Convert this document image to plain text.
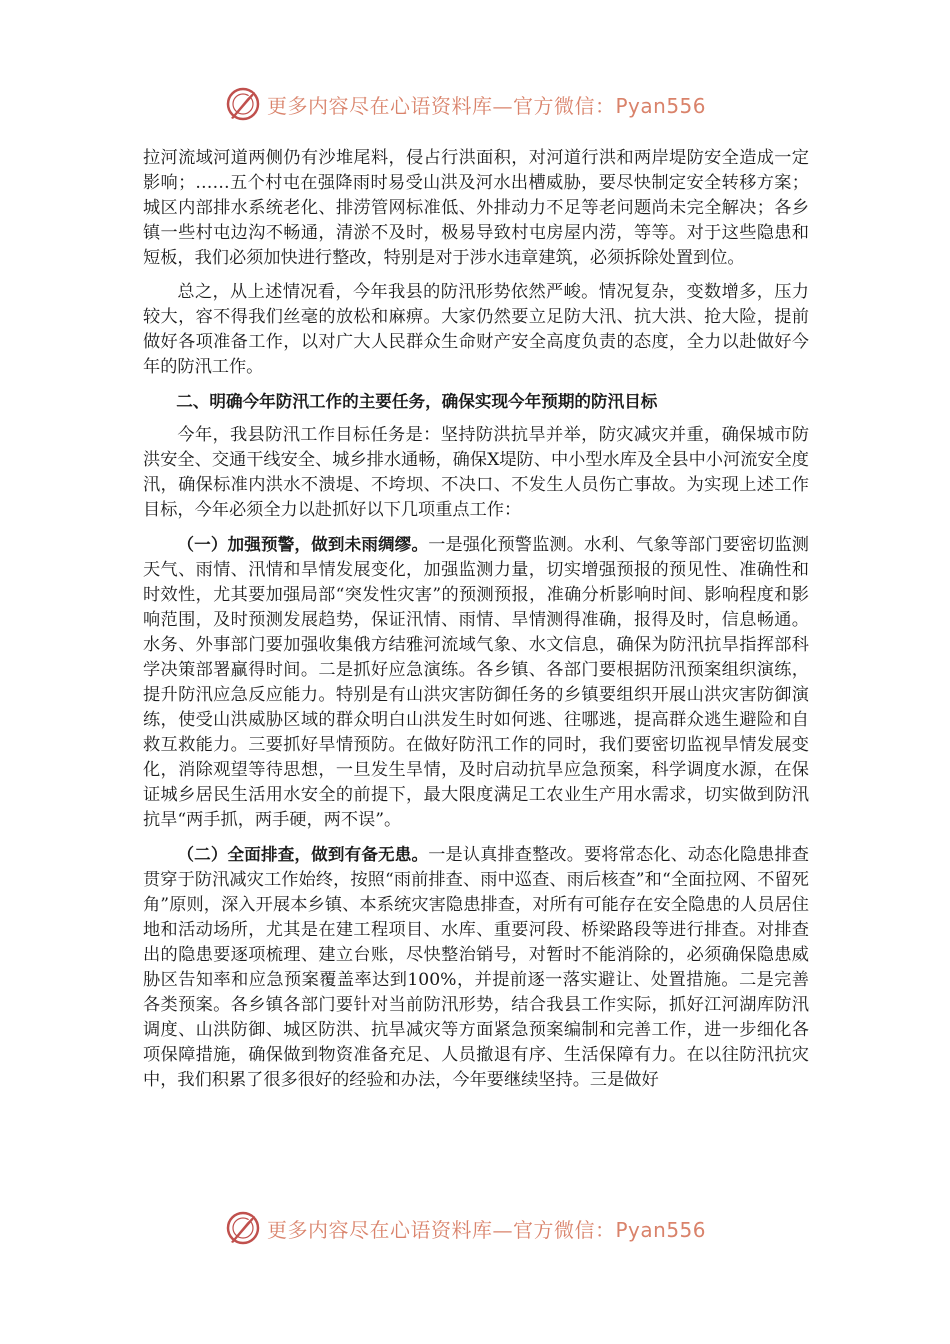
更多内容尽在心语资料库—官方微信：Pyan556

拉河流域河道两侧仍有沙堆尾料，侵占行洪面积，对河道行洪和两岸堤防安全造成一定影响；……五个村屯在强降雨时易受山洪及河水出槽威胁，要尽快制定安全转移方案；城区内部排水系统老化、排涝管网标准低、外排动力不足等老问题尚未完全解决；各乡镇一些村屯边沟不畅通，清淤不及时，极易导致村屯房屋内涝，等等。对于这些隐患和短板，我们必须加快进行整改，特别是对于涉水违章建筑，必须拆除处置到位。

总之，从上述情况看，今年我县的防汛形势依然严峻。情况复杂，变数增多，压力较大，容不得我们丝毫的放松和麻痹。大家仍然要立足防大汛、抗大洪、抢大险，提前做好各项准备工作，以对广大人民群众生命财产安全高度负责的态度，全力以赴做好今年的防汛工作。

二、明确今年防汛工作的主要任务，确保实现今年预期的防汛目标

今年，我县防汛工作目标任务是：坚持防洪抗旱并举，防灾减灾并重，确保城市防洪安全、交通干线安全、城乡排水通畅，确保X堤防、中小型水库及全县中小河流安全度汛，确保标准内洪水不溃堤、不垮坝、不决口、不发生人员伤亡事故。为实现上述工作目标，今年必须全力以赴抓好以下几项重点工作：

（一）加强预警，做到未雨绸缪。一是强化预警监测。水利、气象等部门要密切监测天气、雨情、汛情和旱情发展变化，加强监测力量，切实增强预报的预见性、准确性和时效性，尤其要加强局部“突发性灾害”的预测预报，准确分析影响时间、影响程度和影响范围，及时预测发展趋势，保证汛情、雨情、旱情测得准确，报得及时，信息畅通。水务、外事部门要加强收集俄方结雅河流域气象、水文信息，确保为防汛抗旱指挥部科学决策部署赢得时间。二是抓好应急演练。各乡镇、各部门要根据防汛预案组织演练，提升防汛应急反应能力。特别是有山洪灾害防御任务的乡镇要组织开展山洪灾害防御演练，使受山洪威胁区域的群众明白山洪发生时如何逃、往哪逃，提高群众逃生避险和自救互救能力。三要抓好旱情预防。在做好防汛工作的同时，我们要密切监视旱情发展变化，消除观望等待思想，一旦发生旱情，及时启动抗旱应急预案，科学调度水源，在保证城乡居民生活用水安全的前提下，最大限度满足工农业生产用水需求，切实做到防汛抗旱“两手抓，两手硬，两不误”。

（二）全面排查，做到有备无患。一是认真排查整改。要将常态化、动态化隐患排查贯穿于防汛减灾工作始终，按照“雨前排查、雨中巡查、雨后核查”和“全面拉网、不留死角”原则，深入开展本乡镇、本系统灾害隐患排查，对所有可能存在安全隐患的人员居住地和活动场所，尤其是在建工程项目、水库、重要河段、桥梁路段等进行排查。对排查出的隐患要逐项梳理、建立台账，尽快整治销号，对暂时不能消除的，必须确保隐患威胁区告知率和应急预案覆盖率达到100%，并提前逐一落实避让、处置措施。二是完善各类预案。各乡镇各部门要针对当前防汛形势，结合我县工作实际，抓好江河湖库防汛调度、山洪防御、城区防洪、抗旱减灾等方面紧急预案编制和完善工作，进一步细化各项保障措施，确保做到物资准备充足、人员撤退有序、生活保障有力。在以往防汛抗灾中，我们积累了很多很好的经验和办法，今年要继续坚持。三是做好

更多内容尽在心语资料库—官方微信：Pyan556
